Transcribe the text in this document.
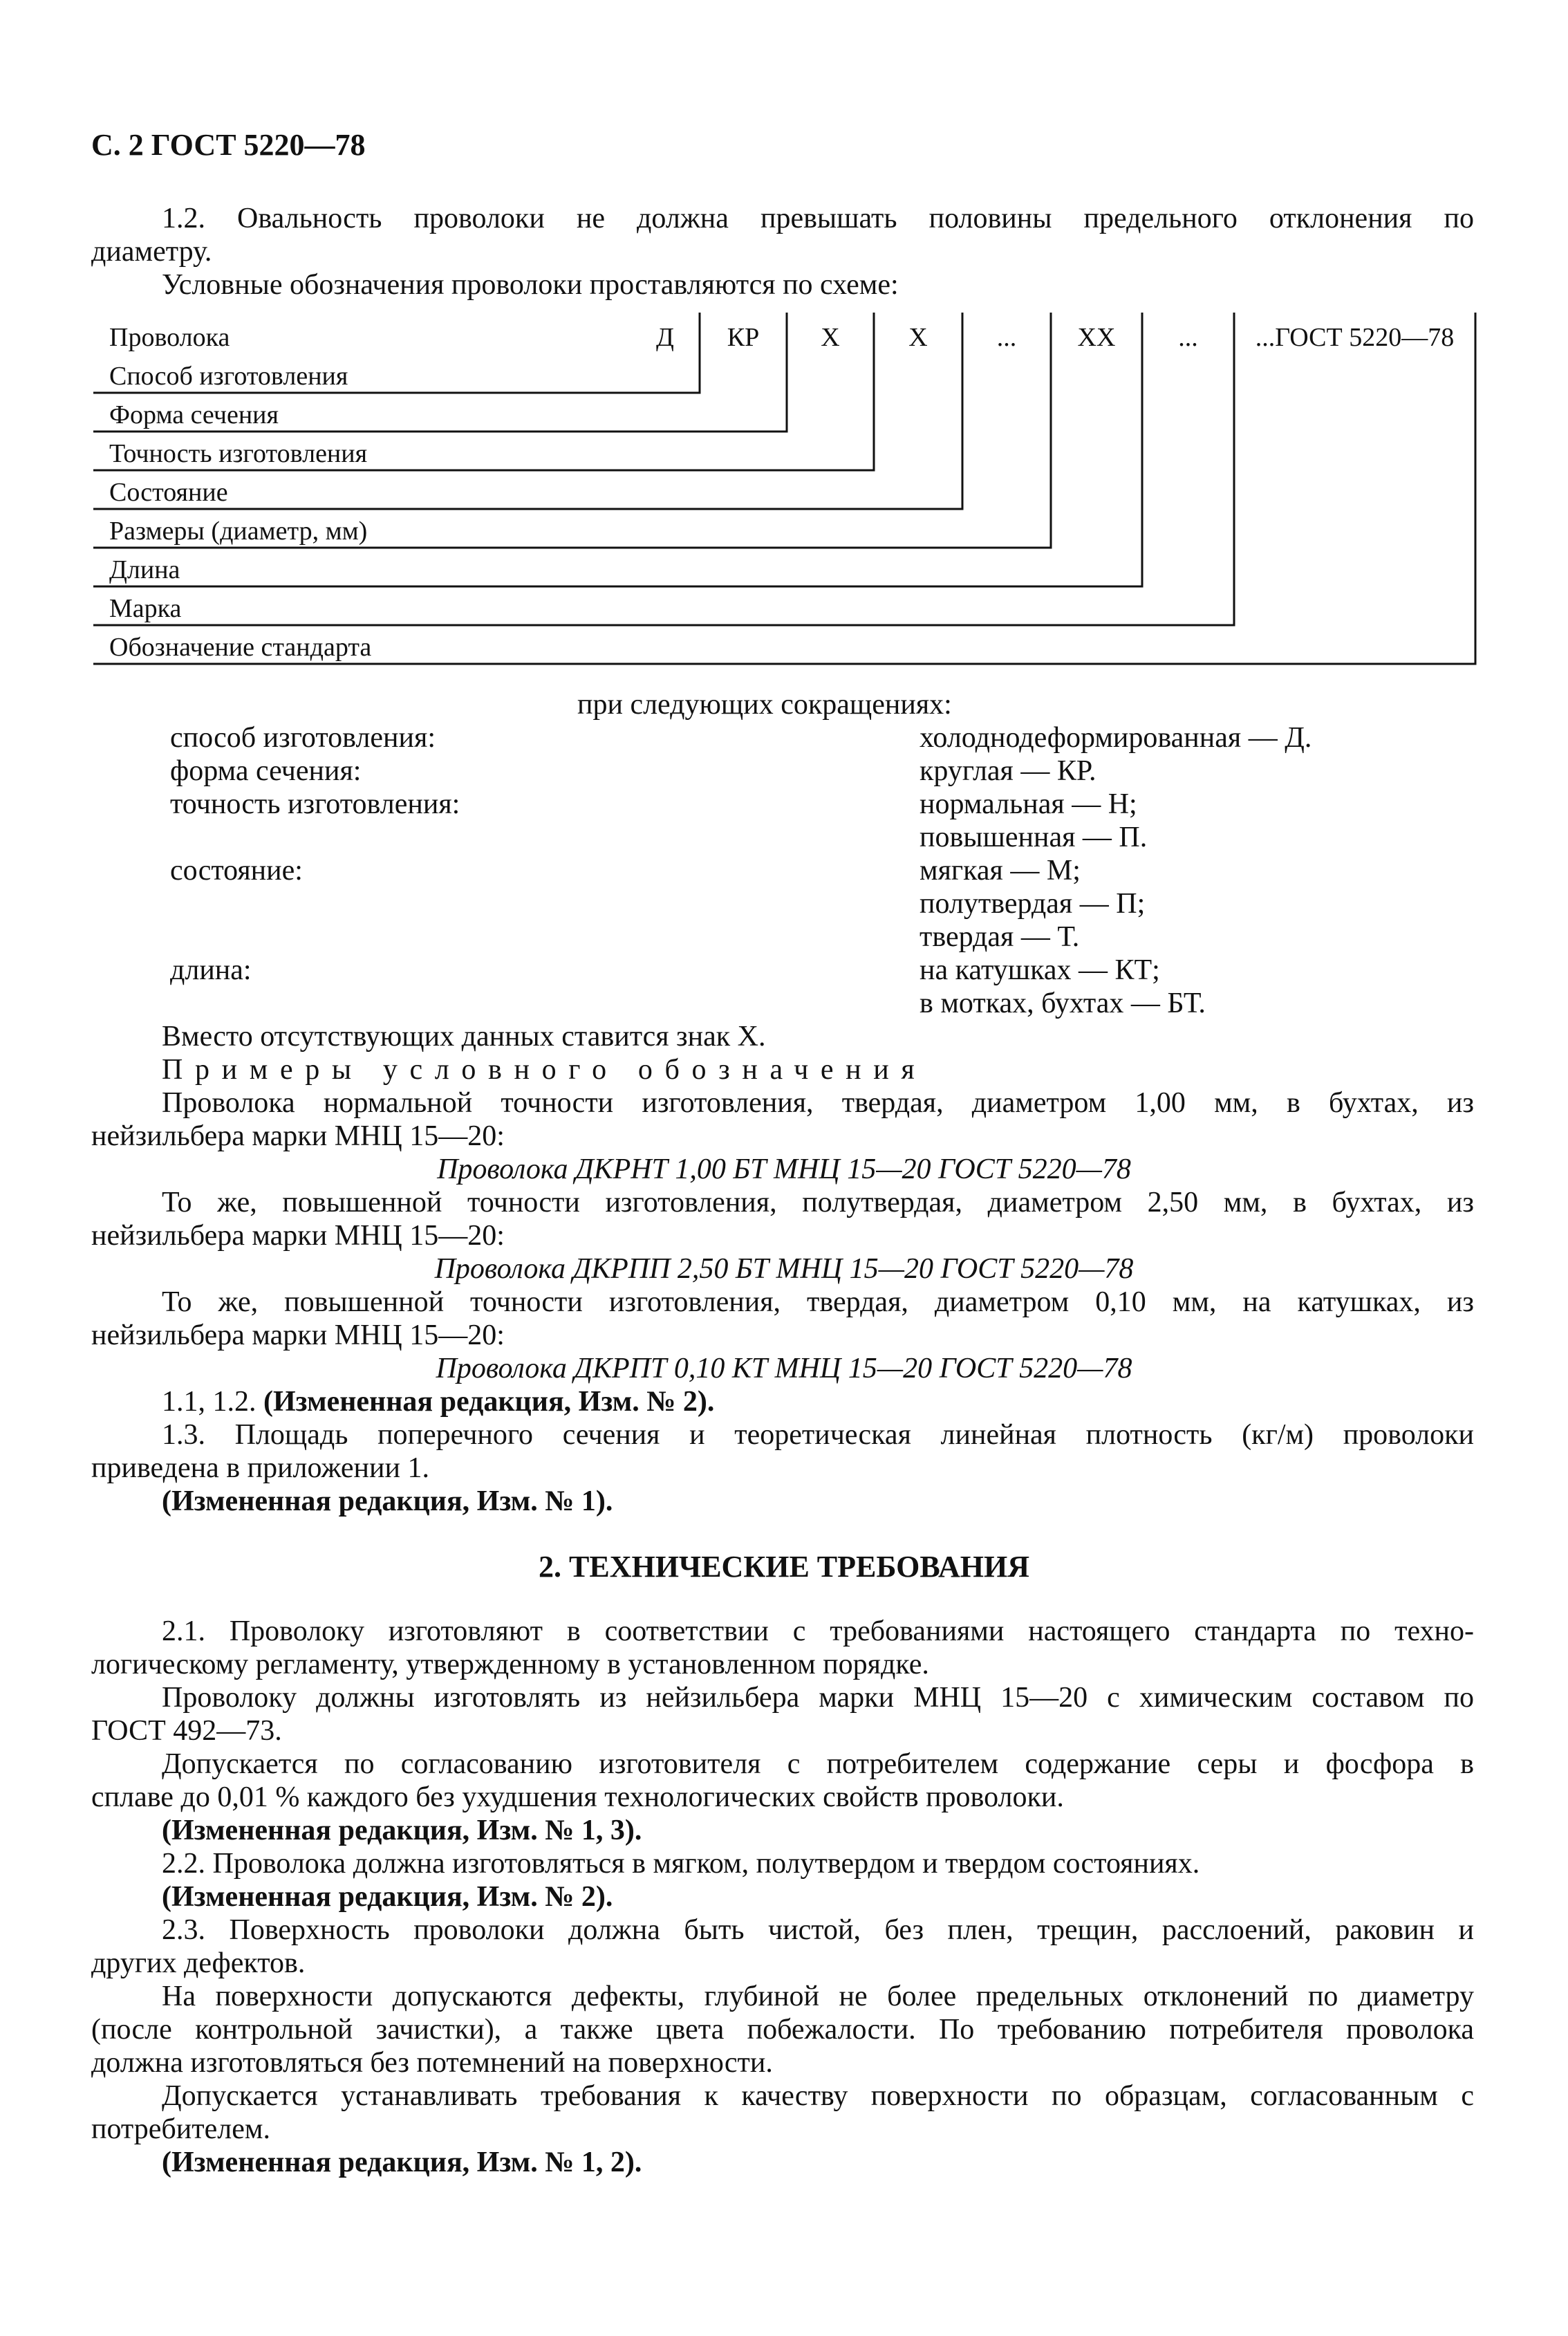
С. 2 ГОСТ 5220—78
1.2. Овальность проволоки не должна превышать половины предельного отклонения по
диаметру.
Условные обозначения проволоки проставляются по схеме:
Д	КР	Х	Х	...	ХХ	...	...ГОСТ 5220—78
Проволока
Способ изготовления
Форма сечения
Точность изготовления
Состояние
Размеры (диаметр, мм)
Длина
Марка
Обозначение стандарта
при следующих сокращениях:
способ изготовления:	холоднодеформированная — Д.
форма сечения:	круглая — КР.
точность изготовления:	нормальная — Н;
повышенная — П.
состояние:	мягкая — М;
полутвердая — П;
твердая — Т.
длина:	на катушках — КТ;
в мотках, бухтах — БТ.
Вместо отсутствующих данных ставится знак Х.
Примеры условного обозначения
Проволока нормальной точности изготовления, твердая, диаметром 1,00 мм, в бухтах, из
нейзильбера марки МНЦ 15—20:
Проволока ДКРНТ 1,00 БТ МНЦ 15—20 ГОСТ 5220—78
То же, повышенной точности изготовления, полутвердая, диаметром 2,50 мм, в бухтах, из
нейзильбера марки МНЦ 15—20:
Проволока ДКРПП 2,50 БТ МНЦ 15—20 ГОСТ 5220—78
То же, повышенной точности изготовления, твердая, диаметром 0,10 мм, на катушках, из
нейзильбера марки МНЦ 15—20:
Проволока ДКРПТ 0,10 КТ МНЦ 15—20 ГОСТ 5220—78
1.1, 1.2. (Измененная редакция, Изм. № 2).
1.3. Площадь поперечного сечения и теоретическая линейная плотность (кг/м) проволоки
приведена в приложении 1.
(Измененная редакция, Изм. № 1).
2. ТЕХНИЧЕСКИЕ ТРЕБОВАНИЯ
2.1. Проволоку изготовляют в соответствии с требованиями настоящего стандарта по техно-
логическому регламенту, утвержденному в установленном порядке.
Проволоку должны изготовлять из нейзильбера марки МНЦ 15—20 с химическим составом по
ГОСТ 492—73.
Допускается по согласованию изготовителя с потребителем содержание серы и фосфора в
сплаве до 0,01 % каждого без ухудшения технологических свойств проволоки.
(Измененная редакция, Изм. № 1, 3).
2.2. Проволока должна изготовляться в мягком, полутвердом и твердом состояниях.
(Измененная редакция, Изм. № 2).
2.3. Поверхность проволоки должна быть чистой, без плен, трещин, расслоений, раковин и
других дефектов.
На поверхности допускаются дефекты, глубиной не более предельных отклонений по диаметру
(после контрольной зачистки), а также цвета побежалости. По требованию потребителя проволока
должна изготовляться без потемнений на поверхности.
Допускается устанавливать требования к качеству поверхности по образцам, согласованным с
потребителем.
(Измененная редакция, Изм. № 1, 2).
